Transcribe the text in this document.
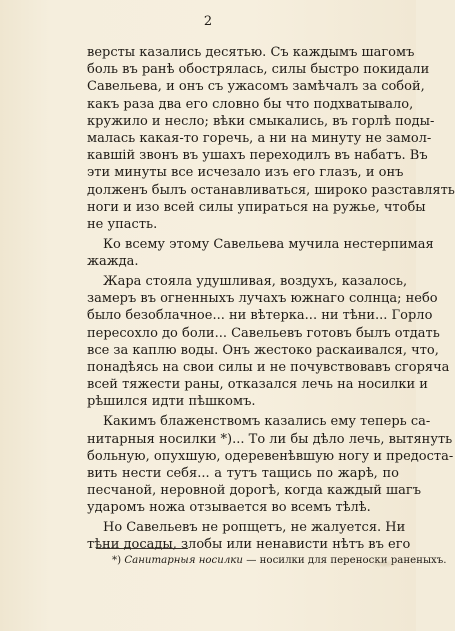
2
версты казались десятью. Съ каждымъ шагомъ
боль въ ранѣ обострялась, силы быстро покидали
Савельева, и онъ съ ужасомъ замѣчалъ за собой,
какъ раза два его словно бы что подхватывало,
кружило и несло; вѣки смыкались, въ горлѣ поды-
малась какая-то горечь, а ни на минуту не замол-
кавшій звонъ въ ушахъ переходилъ въ набатъ. Въ
эти минуты все исчезало изъ его глазъ, и онъ
долженъ былъ останавливаться, широко разставлять
ноги и изо всей силы упираться на ружье, чтобы
не упасть.
Ко всему этому Савельева мучила нестерпимая
жажда.
Жара стояла удушливая, воздухъ, казалось,
замеръ въ огненныхъ лучахъ южнаго солнца; небо
было безоблачное... ни вѣтерка... ни тѣни... Горло
пересохло до боли... Савельевъ готовъ былъ отдать
все за каплю воды. Онъ жестоко раскаивался, что,
понадѣясь на свои силы и не почувствовавъ сгоряча
всей тяжести раны, отказался лечь на носилки и
рѣшился идти пѣшкомъ.
Какимъ блаженствомъ казались ему теперь са-
нитарныя носилки *)... То ли бы дѣло лечь, вытянуть
больную, опухшую, одеревенѣвшую ногу и предоста-
вить нести себя... а тутъ тащись по жарѣ, по
песчаной, неровной дорогѣ, когда каждый шагъ
ударомъ ножа отзывается во всемъ тѣлѣ.
Но Савельевъ не ропщетъ, не жалуется. Ни
тѣни досады, злобы или ненависти нѣтъ въ его
*) Санитарныя носилки — носилки для переноски раненыхъ.
